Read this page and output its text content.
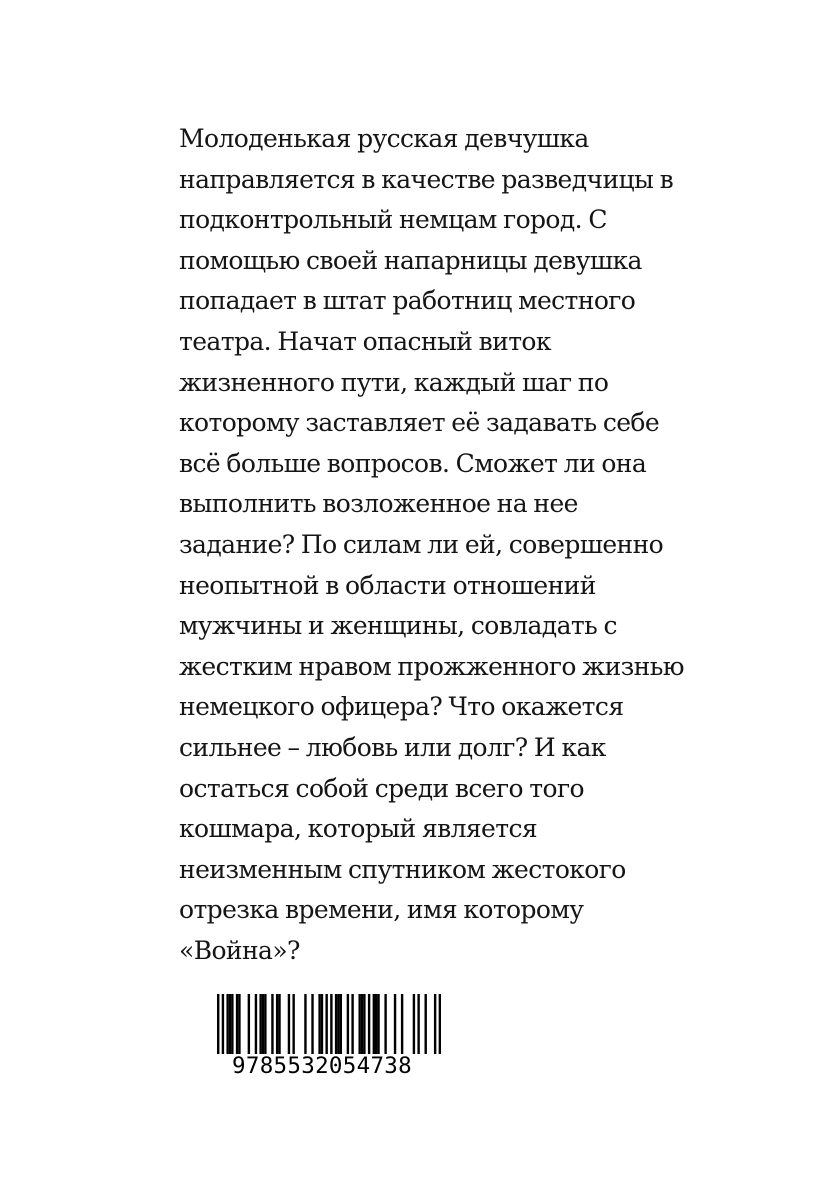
Молоденькая русская девчушка
направляется в качестве разведчицы в
подконтрольный немцам город. С
помощью своей напарницы девушка
попадает в штат работниц местного
театра. Начат опасный виток
жизненного пути, каждый шаг по
которому заставляет её задавать себе
всё больше вопросов. Сможет ли она
выполнить возложенное на нее
задание? По силам ли ей, совершенно
неопытной в области отношений
мужчины и женщины, совладать с
жестким нравом прожженного жизнью
немецкого офицера? Что окажется
сильнее – любовь или долг? И как
остаться собой среди всего того
кошмара, который является
неизменным спутником жестокого
отрезка времени, имя которому
«Война»?

9785532054738
